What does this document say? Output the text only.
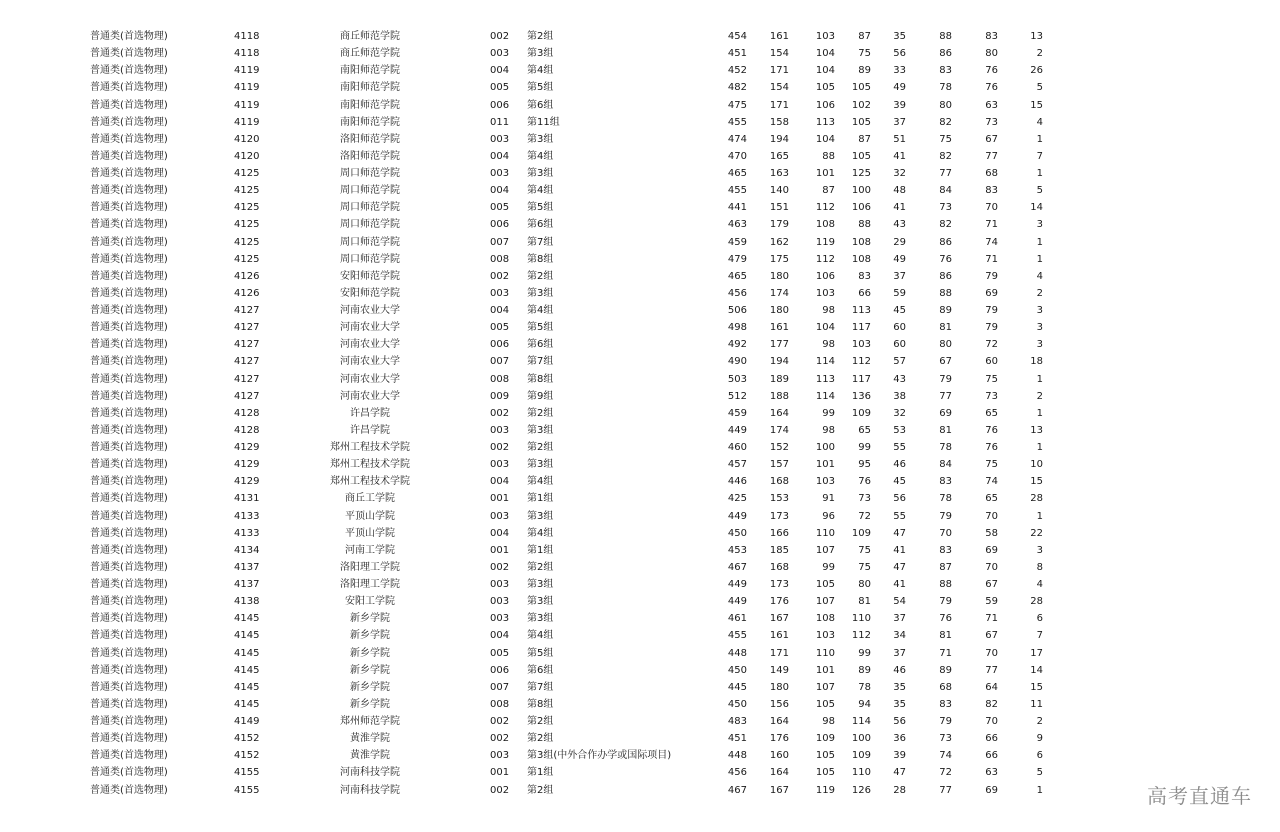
普通类(首选物理)	4118	商丘师范学院	002 第2组	454	161	103	87	35	88	83	13
普通类(首选物理)	4118	商丘师范学院	003 第3组	451	154	104	75	56	86	80	2
普通类(首选物理)	4119	南阳师范学院	004 第4组	452	171	104	89	33	83	76	26
普通类(首选物理)	4119	南阳师范学院	005 第5组	482	154	105	105	49	78	76	5
普通类(首选物理)	4119	南阳师范学院	006 第6组	475	171	106	102	39	80	63	15
普通类(首选物理)	4119	南阳师范学院	011 第11组	455	158	113	105	37	82	73	4
普通类(首选物理)	4120	洛阳师范学院	003 第3组	474	194	104	87	51	75	67	1
普通类(首选物理)	4120	洛阳师范学院	004 第4组	470	165	88	105	41	82	77	7
普通类(首选物理)	4125	周口师范学院	003 第3组	465	163	101	125	32	77	68	1
普通类(首选物理)	4125	周口师范学院	004 第4组	455	140	87	100	48	84	83	5
普通类(首选物理)	4125	周口师范学院	005 第5组	441	151	112	106	41	73	70	14
普通类(首选物理)	4125	周口师范学院	006 第6组	463	179	108	88	43	82	71	3
普通类(首选物理)	4125	周口师范学院	007 第7组	459	162	119	108	29	86	74	1
普通类(首选物理)	4125	周口师范学院	008 第8组	479	175	112	108	49	76	71	1
普通类(首选物理)	4126	安阳师范学院	002 第2组	465	180	106	83	37	86	79	4
普通类(首选物理)	4126	安阳师范学院	003 第3组	456	174	103	66	59	88	69	2
普通类(首选物理)	4127	河南农业大学	004 第4组	506	180	98	113	45	89	79	3
普通类(首选物理)	4127	河南农业大学	005 第5组	498	161	104	117	60	81	79	3
普通类(首选物理)	4127	河南农业大学	006 第6组	492	177	98	103	60	80	72	3
普通类(首选物理)	4127	河南农业大学	007 第7组	490	194	114	112	57	67	60	18
普通类(首选物理)	4127	河南农业大学	008 第8组	503	189	113	117	43	79	75	1
普通类(首选物理)	4127	河南农业大学	009 第9组	512	188	114	136	38	77	73	2
普通类(首选物理)	4128	许昌学院	002 第2组	459	164	99	109	32	69	65	1
普通类(首选物理)	4128	许昌学院	003 第3组	449	174	98	65	53	81	76	13
普通类(首选物理)	4129	郑州工程技术学院	002 第2组	460	152	100	99	55	78	76	1
普通类(首选物理)	4129	郑州工程技术学院	003 第3组	457	157	101	95	46	84	75	10
普通类(首选物理)	4129	郑州工程技术学院	004 第4组	446	168	103	76	45	83	74	15
普通类(首选物理)	4131	商丘工学院	001 第1组	425	153	91	73	56	78	65	28
普通类(首选物理)	4133	平顶山学院	003 第3组	449	173	96	72	55	79	70	1
普通类(首选物理)	4133	平顶山学院	004 第4组	450	166	110	109	47	70	58	22
普通类(首选物理)	4134	河南工学院	001 第1组	453	185	107	75	41	83	69	3
普通类(首选物理)	4137	洛阳理工学院	002 第2组	467	168	99	75	47	87	70	8
普通类(首选物理)	4137	洛阳理工学院	003 第3组	449	173	105	80	41	88	67	4
普通类(首选物理)	4138	安阳工学院	003 第3组	449	176	107	81	54	79	59	28
普通类(首选物理)	4145	新乡学院	003 第3组	461	167	108	110	37	76	71	6
普通类(首选物理)	4145	新乡学院	004 第4组	455	161	103	112	34	81	67	7
普通类(首选物理)	4145	新乡学院	005 第5组	448	171	110	99	37	71	70	17
普通类(首选物理)	4145	新乡学院	006 第6组	450	149	101	89	46	89	77	14
普通类(首选物理)	4145	新乡学院	007 第7组	445	180	107	78	35	68	64	15
普通类(首选物理)	4145	新乡学院	008 第8组	450	156	105	94	35	83	82	11
普通类(首选物理)	4149	郑州师范学院	002 第2组	483	164	98	114	56	79	70	2
普通类(首选物理)	4152	黄淮学院	002 第2组	451	176	109	100	36	73	66	9
普通类(首选物理)	4152	黄淮学院	003 第3组(中外合作办学或国际项目)	448	160	105	109	39	74	66	6
普通类(首选物理)	4155	河南科技学院	001 第1组	456	164	105	110	47	72	63	5
普通类(首选物理)	4155	河南科技学院	002 第2组	467	167	119	126	28	77	69	1	高考直通车
